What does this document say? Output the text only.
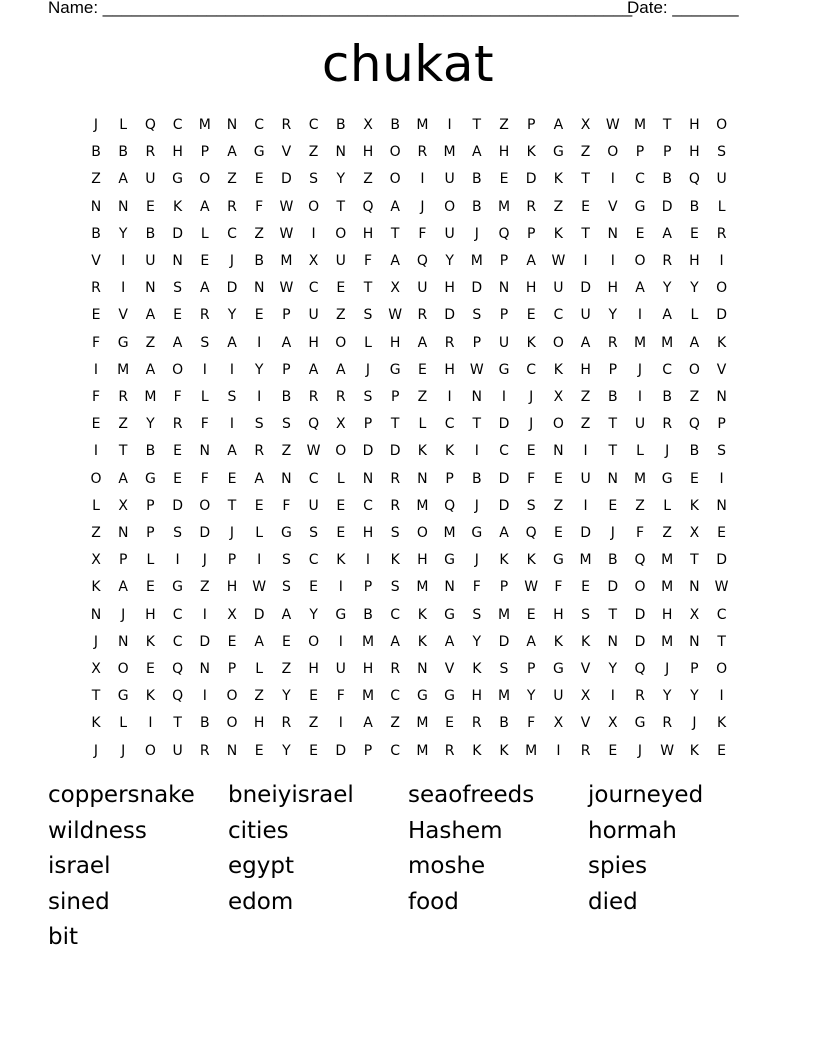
Name: ________________________________________________________
Date: _______
chukat
J	L	Q	C	M	N	C	R	C	B	X	B	M	I	T	Z	P	A	X	W	M	T	H	O
B	B	R	H	P	A	G	V	Z	N	H	O	R	M	A	H	K	G	Z	O	P	P	H	S
Z	A	U	G	O	Z	E	D	S	Y	Z	O	I	U	B	E	D	K	T	I	C	B	Q	U
N	N	E	K	A	R	F	W	O	T	Q	A	J	O	B	M	R	Z	E	V	G	D	B	L
B	Y	B	D	L	C	Z	W	I	O	H	T	F	U	J	Q	P	K	T	N	E	A	E	R
V	I	U	N	E	J	B	M	X	U	F	A	Q	Y	M	P	A	W	I	I	O	R	H	I
R	I	N	S	A	D	N	W	C	E	T	X	U	H	D	N	H	U	D	H	A	Y	Y	O
E	V	A	E	R	Y	E	P	U	Z	S	W	R	D	S	P	E	C	U	Y	I	A	L	D
F	G	Z	A	S	A	I	A	H	O	L	H	A	R	P	U	K	O	A	R	M	M	A	K
I	M	A	O	I	I	Y	P	A	A	J	G	E	H	W	G	C	K	H	P	J	C	O	V
F	R	M	F	L	S	I	B	R	R	S	P	Z	I	N	I	J	X	Z	B	I	B	Z	N
E	Z	Y	R	F	I	S	S	Q	X	P	T	L	C	T	D	J	O	Z	T	U	R	Q	P
I	T	B	E	N	A	R	Z	W	O	D	D	K	K	I	C	E	N	I	T	L	J	B	S
O	A	G	E	F	E	A	N	C	L	N	R	N	P	B	D	F	E	U	N	M	G	E	I
L	X	P	D	O	T	E	F	U	E	C	R	M	Q	J	D	S	Z	I	E	Z	L	K	N
Z	N	P	S	D	J	L	G	S	E	H	S	O	M	G	A	Q	E	D	J	F	Z	X	E
X	P	L	I	J	P	I	S	C	K	I	K	H	G	J	K	K	G	M	B	Q	M	T	D
K	A	E	G	Z	H	W	S	E	I	P	S	M	N	F	P	W	F	E	D	O	M	N	W
N	J	H	C	I	X	D	A	Y	G	B	C	K	G	S	M	E	H	S	T	D	H	X	C
J	N	K	C	D	E	A	E	O	I	M	A	K	A	Y	D	A	K	K	N	D	M	N	T
X	O	E	Q	N	P	L	Z	H	U	H	R	N	V	K	S	P	G	V	Y	Q	J	P	O
T	G	K	Q	I	O	Z	Y	E	F	M	C	G	G	H	M	Y	U	X	I	R	Y	Y	I
K	L	I	T	B	O	H	R	Z	I	A	Z	M	E	R	B	F	X	V	X	G	R	J	K
J	J	O	U	R	N	E	Y	E	D	P	C	M	R	K	K	M	I	R	E	J	W	K	E
coppersnake bneiyisrael seaofreeds journeyed
wildness	cities	Hashem	hormah
israel	egypt	moshe	spies
sined	edom	food	died
bit
